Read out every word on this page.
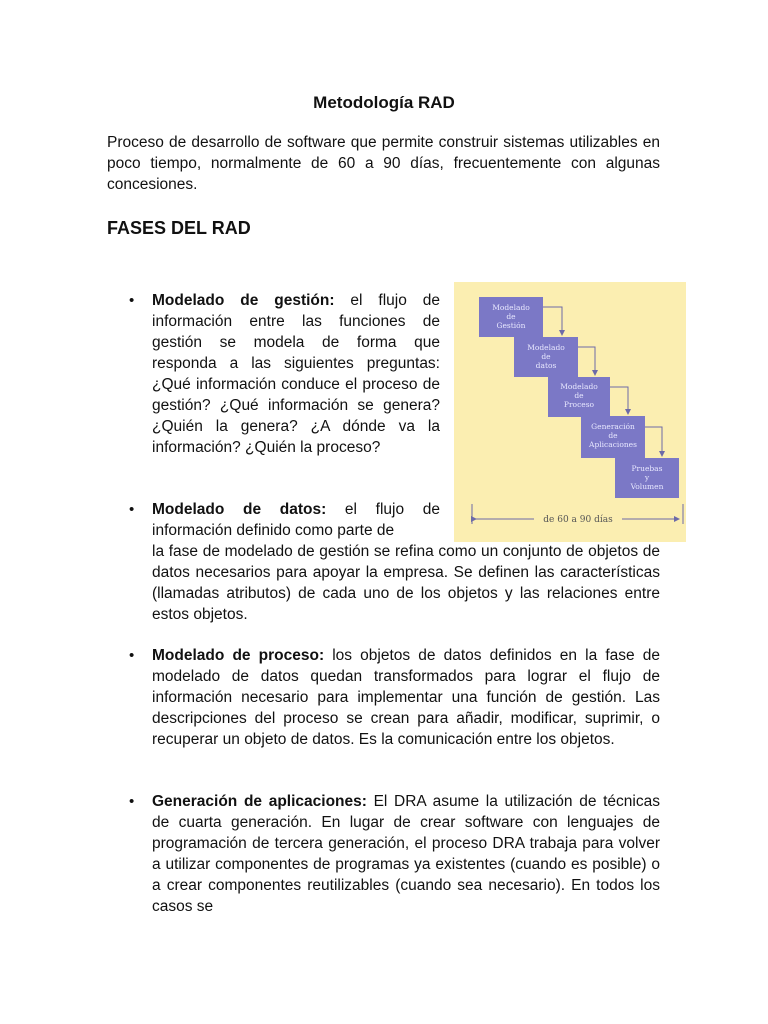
Metodología RAD
Proceso de desarrollo de software que permite construir sistemas utilizables en poco tiempo, normalmente de 60 a 90 días, frecuentemente con algunas concesiones.
FASES DEL RAD
• Modelado de gestión: el flujo de información entre las funciones de gestión se modela de forma que responda a las siguientes preguntas: ¿Qué información conduce el proceso de gestión? ¿Qué información se genera? ¿Quién la genera? ¿A dónde va la información? ¿Quién la proceso?
• Modelado de datos: el flujo de información definido como parte de
la fase de modelado de gestión se refina como un conjunto de objetos de datos necesarios para apoyar la empresa. Se definen las características (llamadas atributos) de cada uno de los objetos y las relaciones entre estos objetos.
• Modelado de proceso: los objetos de datos definidos en la fase de modelado de datos quedan transformados para lograr el flujo de información necesario para implementar una función de gestión. Las descripciones del proceso se crean para añadir, modificar, suprimir, o recuperar un objeto de datos. Es la comunicación entre los objetos.
• Generación de aplicaciones: El DRA asume la utilización de técnicas de cuarta generación. En lugar de crear software con lenguajes de programación de tercera generación, el proceso DRA trabaja para volver a utilizar componentes de programas ya existentes (cuando es posible) o a crear componentes reutilizables (cuando sea necesario). En todos los casos se
Modelado
de
Gestión
Modelado
de
datos
Modelado
de
Proceso
Generación
de
Aplicaciones
Pruebas
y
Volumen
de 60 a 90 días
